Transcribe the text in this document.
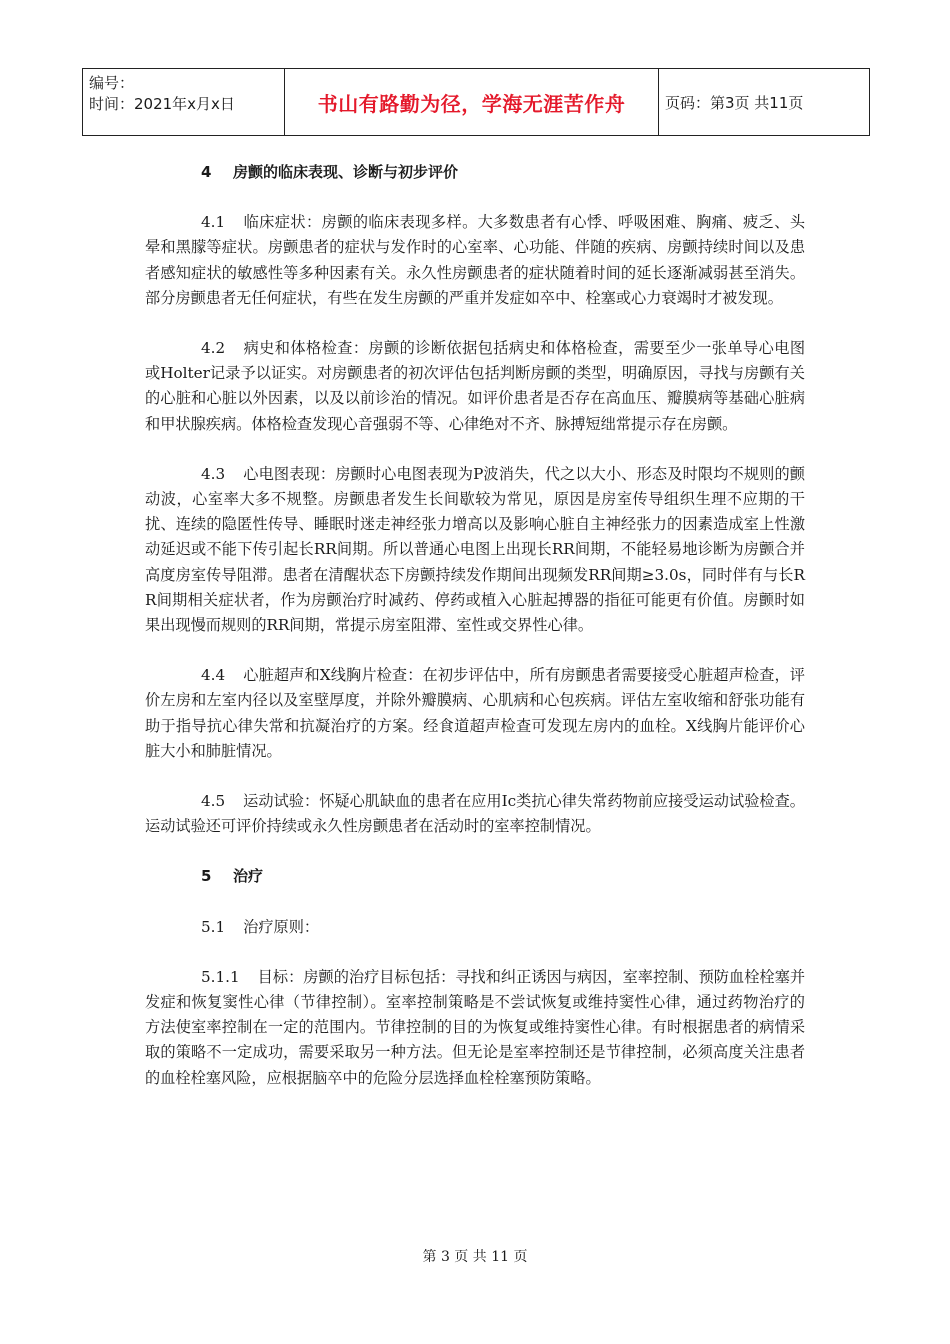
编号：
时间：2021年x月x日	书山有路勤为径，学海无涯苦作舟	页码：第3页 共11页

4 房颤的临床表现、诊断与初步评价

4.1 临床症状：房颤的临床表现多样。大多数患者有心悸、呼吸困难、胸痛、疲乏、头晕和黑朦等症状。房颤患者的症状与发作时的心室率、心功能、伴随的疾病、房颤持续时间以及患者感知症状的敏感性等多种因素有关。永久性房颤患者的症状随着时间的延长逐渐减弱甚至消失。部分房颤患者无任何症状，有些在发生房颤的严重并发症如卒中、栓塞或心力衰竭时才被发现。

4.2 病史和体格检查：房颤的诊断依据包括病史和体格检查，需要至少一张单导心电图或Holter记录予以证实。对房颤患者的初次评估包括判断房颤的类型，明确原因，寻找与房颤有关的心脏和心脏以外因素，以及以前诊治的情况。如评价患者是否存在高血压、瓣膜病等基础心脏病和甲状腺疾病。体格检查发现心音强弱不等、心律绝对不齐、脉搏短绌常提示存在房颤。

4.3 心电图表现：房颤时心电图表现为P波消失，代之以大小、形态及时限均不规则的颤动波，心室率大多不规整。房颤患者发生长间歇较为常见，原因是房室传导组织生理不应期的干扰、连续的隐匿性传导、睡眠时迷走神经张力增高以及影响心脏自主神经张力的因素造成室上性激动延迟或不能下传引起长RR间期。所以普通心电图上出现长RR间期，不能轻易地诊断为房颤合并高度房室传导阻滞。患者在清醒状态下房颤持续发作期间出现频发RR间期≥3.0s，同时伴有与长RR间期相关症状者，作为房颤治疗时减药、停药或植入心脏起搏器的指征可能更有价值。房颤时如果出现慢而规则的RR间期，常提示房室阻滞、室性或交界性心律。

4.4 心脏超声和X线胸片检查：在初步评估中，所有房颤患者需要接受心脏超声检查，评价左房和左室内径以及室壁厚度，并除外瓣膜病、心肌病和心包疾病。评估左室收缩和舒张功能有助于指导抗心律失常和抗凝治疗的方案。经食道超声检查可发现左房内的血栓。X线胸片能评价心脏大小和肺脏情况。

4.5 运动试验：怀疑心肌缺血的患者在应用Ic类抗心律失常药物前应接受运动试验检查。运动试验还可评价持续或永久性房颤患者在活动时的室率控制情况。

5 治疗

5.1 治疗原则：

5.1.1 目标：房颤的治疗目标包括：寻找和纠正诱因与病因，室率控制、预防血栓栓塞并发症和恢复窦性心律（节律控制）。室率控制策略是不尝试恢复或维持窦性心律，通过药物治疗的方法使室率控制在一定的范围内。节律控制的目的为恢复或维持窦性心律。有时根据患者的病情采取的策略不一定成功，需要采取另一种方法。但无论是室率控制还是节律控制，必须高度关注患者的血栓栓塞风险，应根据脑卒中的危险分层选择血栓栓塞预防策略。

第 3 页 共 11 页
